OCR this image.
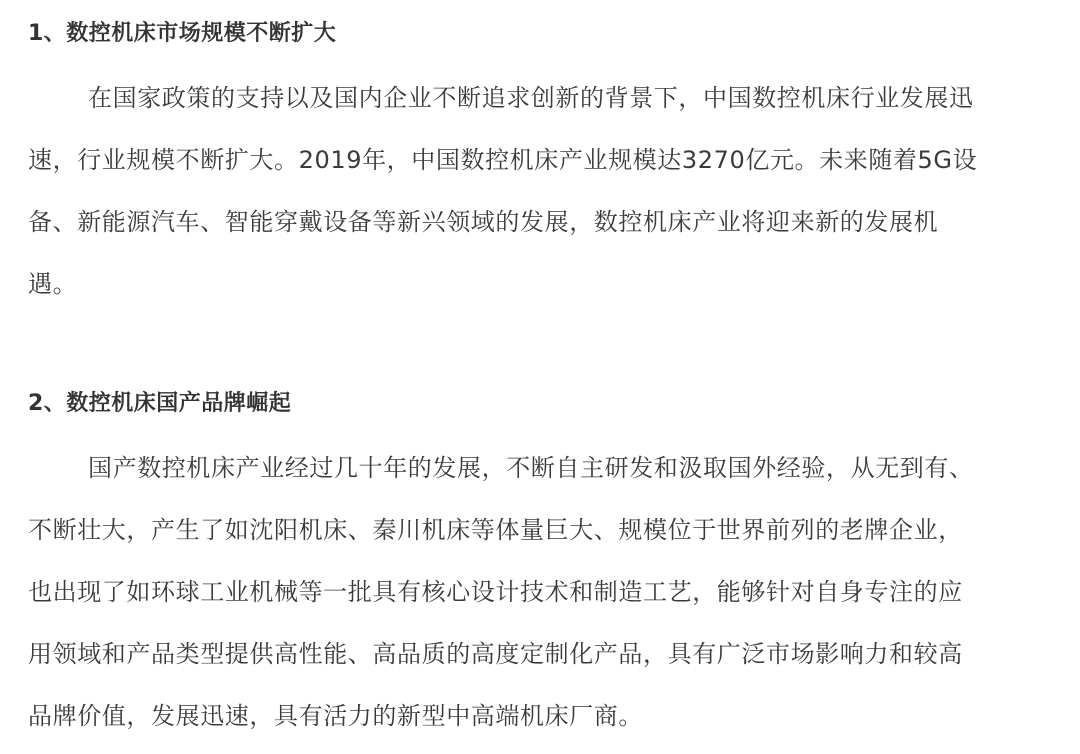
1、数控机床市场规模不断扩大
在国家政策的支持以及国内企业不断追求创新的背景下，中国数控机床行业发展迅
速，行业规模不断扩大。2019年，中国数控机床产业规模达3270亿元。未来随着5G设
备、新能源汽车、智能穿戴设备等新兴领域的发展，数控机床产业将迎来新的发展机
遇。
2、数控机床国产品牌崛起
国产数控机床产业经过几十年的发展，不断自主研发和汲取国外经验，从无到有、
不断壮大，产生了如沈阳机床、秦川机床等体量巨大、规模位于世界前列的老牌企业，
也出现了如环球工业机械等一批具有核心设计技术和制造工艺，能够针对自身专注的应
用领域和产品类型提供高性能、高品质的高度定制化产品，具有广泛市场影响力和较高
品牌价值，发展迅速，具有活力的新型中高端机床厂商。
